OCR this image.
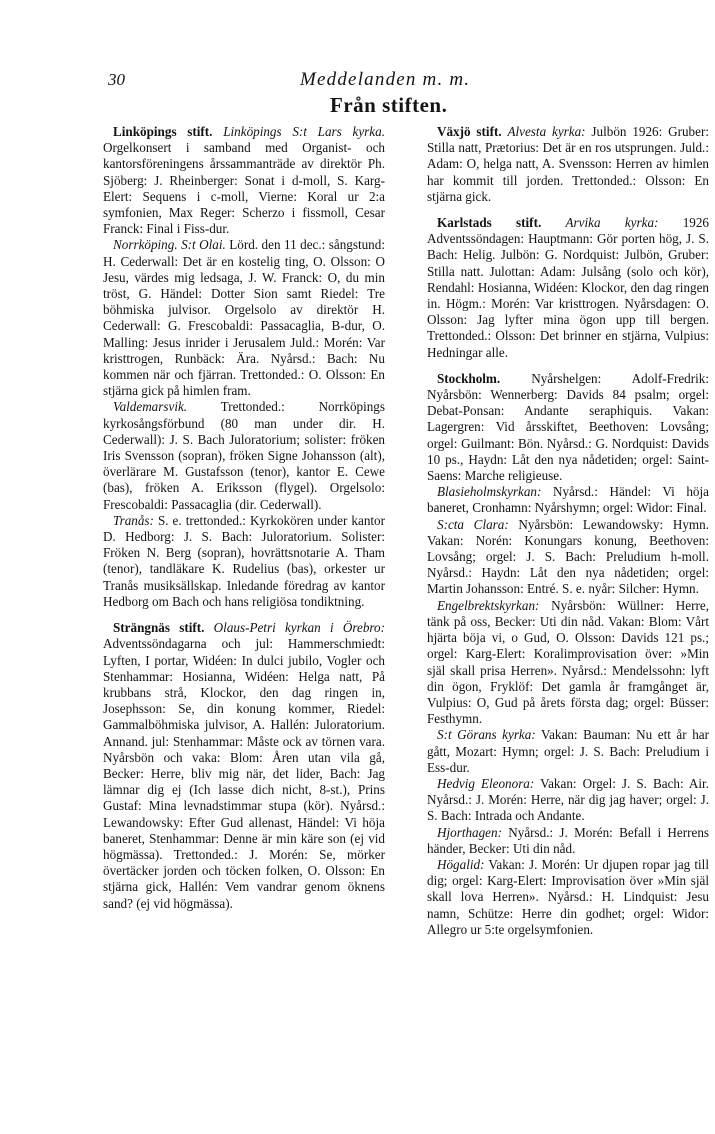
30	Meddelanden m. m.
Från stiften.

Linköpings stift. Linköpings S:t Lars kyrka. Orgelkonsert i samband med Organist- och kantorsföreningens årssammanträde av direktör Ph. Sjöberg: J. Rheinberger: Sonat i d-moll, S. Karg-Elert: Sequens i c-moll, Vierne: Koral ur 2:a symfonien, Max Reger: Scherzo i fissmoll, Cesar Franck: Final i Fiss-dur.

Norrköping. S:t Olai. Lörd. den 11 dec.: sångstund: H. Cederwall: Det är en kostelig ting, O. Olsson: O Jesu, värdes mig ledsaga, J. W. Franck: O, du min tröst, G. Händel: Dotter Sion samt Riedel: Tre böhmiska julvisor. Orgelsolo av direktör H. Cederwall: G. Frescobaldi: Passacaglia, B-dur, O. Malling: Jesus inrider i Jerusalem Juld.: Morén: Var kristtrogen, Runbäck: Ära. Nyårsd.: Bach: Nu kommen när och fjärran. Trettonded.: O. Olsson: En stjärna gick på himlen fram.

Valdemarsvik.	Trettonded.: Norrköpings kyrkosångsförbund (80 man under dir. H. Cederwall): J. S. Bach Juloratorium; solister: fröken Iris Svensson (sopran), fröken Signe Johansson (alt), överlärare M. Gustafsson (tenor), kantor E. Cewe (bas), fröken A. Eriksson (flygel). Orgelsolo: Frescobaldi: Passacaglia (dir. Cederwall).

Tranås: S. e. trettonded.: Kyrkokören under kantor D. Hedborg: J. S. Bach: Juloratorium. Solister: Fröken N. Berg (sopran), hovrättsnotarie A. Tham (tenor), tandläkare K. Rudelius (bas), orkester ur Tranås musiksällskap. Inledande föredrag av kantor Hedborg om Bach och hans religiösa tondiktning.

Strängnäs stift. Olaus-Petri kyrkan i Örebro: Adventssöndagarna och jul: Hammerschmiedt: Lyften, I portar, Widéen: In dulci jubilo, Vogler och Stenhammar: Hosianna, Widéen: Helga natt, På krubbans strå, Klockor, den dag ringen in, Josephsson: Se, din konung kommer, Riedel: Gammalböhmiska julvisor, A. Hallén: Juloratorium. Annand. jul: Stenhammar: Måste ock av törnen vara. Nyårsbön och vaka: Blom: Åren utan vila gå, Becker: Herre, bliv mig när, det lider, Bach: Jag lämnar dig ej (Ich lasse dich nicht, 8-st.), Prins Gustaf: Mina levnadstimmar stupa (kör). Nyårsd.: Lewandowsky: Efter Gud allenast, Händel: Vi höja baneret, Stenhammar: Denne är min käre son (ej vid högmässa). Trettonded.: J. Morén: Se, mörker övertäcker jorden och töcken folken, O. Olsson: En stjärna gick, Hallén: Vem vandrar genom öknens sand? (ej vid högmässa).

Växjö stift. Alvesta kyrka: Julbön 1926: Gruber: Stilla natt, Prætorius: Det är en ros utsprungen. Juld.: Adam: O, helga natt, A. Svensson: Herren av himlen har kommit till jorden. Trettonded.: Olsson: En stjärna gick.

Karlstads stift. Arvika kyrka: 1926 Adventssöndagen: Hauptmann: Gör porten hög, J. S. Bach: Helig. Julbön: G. Nordquist: Julbön, Gruber: Stilla natt. Julottan: Adam: Julsång (solo och kör), Rendahl: Hosianna, Widéen: Klockor, den dag ringen in. Högm.: Morén: Var kristtrogen. Nyårsdagen: O. Olsson: Jag lyfter mina ögon upp till bergen. Trettonded.: Olsson: Det brinner en stjärna, Vulpius: Hedningar alle.

Stockholm. Nyårshelgen: Adolf-Fredrik: Nyårsbön: Wennerberg: Davids 84 psalm; orgel: Debat-Ponsan: Andante seraphiquis. Vakan: Lagergren: Vid årsskiftet, Beethoven: Lovsång; orgel: Guilmant: Bön. Nyårsd.: G. Nordquist: Davids 10 ps., Haydn: Låt den nya nådetiden; orgel: Saint-Saens: Marche religieuse.

Blasieholmskyrkan: Nyårsd.: Händel: Vi höja baneret, Cronhamn: Nyårshymn; orgel: Widor: Final.

S:cta Clara: Nyårsbön: Lewandowsky: Hymn. Vakan: Norén: Konungars konung, Beethoven: Lovsång; orgel: J. S. Bach: Preludium h-moll. Nyårsd.: Haydn: Låt den nya nådetiden; orgel: Martin Johansson: Entré. S. e. nyår: Silcher: Hymn.

Engelbrektskyrkan: Nyårsbön: Wüllner: Herre, tänk på oss, Becker: Uti din nåd. Vakan: Blom: Vårt hjärta böja vi, o Gud, O. Olsson: Davids 121 ps.; orgel: Karg-Elert: Koralimprovisation över: »Min själ skall prisa Herren». Nyårsd.: Mendelssohn: lyft din ögon, Fryklöf: Det gamla år framgånget är, Vulpius: O, Gud på årets första dag; orgel: Büsser: Festhymn.

S:t Görans kyrka: Vakan: Bauman: Nu ett år har gått, Mozart: Hymn; orgel: J. S. Bach: Preludium i Ess-dur.

Hedvig Eleonora: Vakan: Orgel: J. S. Bach: Air. Nyårsd.: J. Morén: Herre, när dig jag haver; orgel: J. S. Bach: Intrada och Andante.

Hjorthagen: Nyårsd.: J. Morén: Befall i Herrens händer, Becker: Uti din nåd.

Högalid: Vakan: J. Morén: Ur djupen ropar jag till dig; orgel: Karg-Elert: Improvisation över »Min själ skall lova Herren». Nyårsd.: H. Lindquist: Jesu namn, Schütze: Herre din godhet; orgel: Widor: Allegro ur 5:te orgelsymfonien.
